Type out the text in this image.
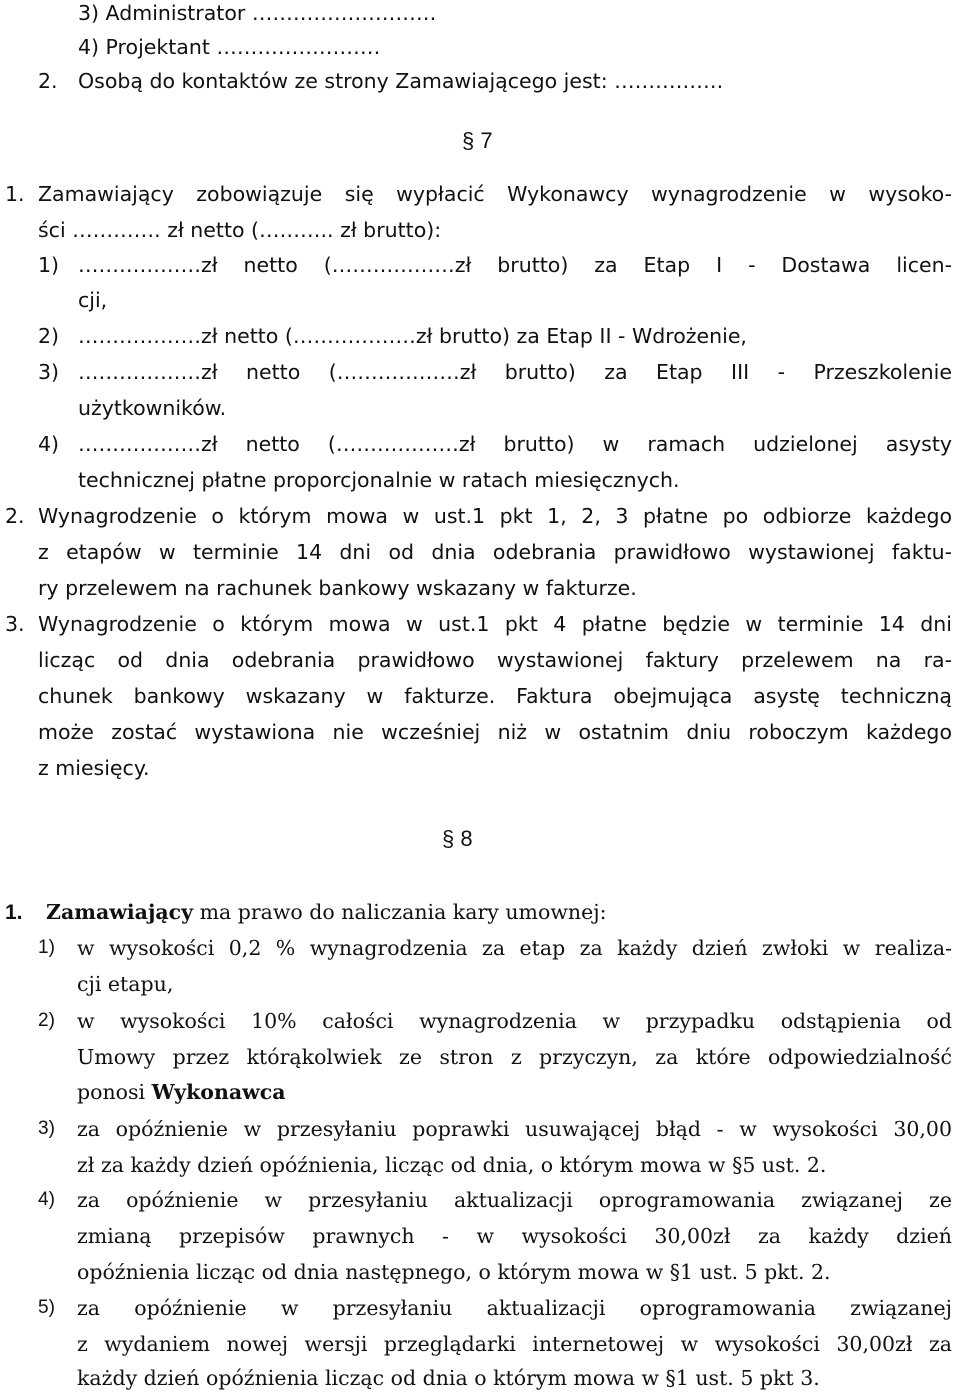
3) Administrator ………………………
4) Projektant ……………………
2. Osobą do kontaktów ze strony Zamawiającego jest: …………….
§ 7
1. Zamawiający zobowiązuje się wypłacić Wykonawcy wynagrodzenie w wysoko-
ści …………. zł netto (……….. zł brutto):
1) ………………zł netto (………………zł brutto) za Etap I - Dostawa licen-
cji,
2) ………………zł netto (………………zł brutto) za Etap II - Wdrożenie,
3) ………………zł netto (………………zł brutto) za Etap III - Przeszkolenie
użytkowników.
4) ………………zł netto (………………zł brutto) w ramach udzielonej asysty
technicznej płatne proporcjonalnie w ratach miesięcznych.
2. Wynagrodzenie o którym mowa w ust.1 pkt 1, 2, 3 płatne po odbiorze każdego
z etapów w terminie 14 dni od dnia odebrania prawidłowo wystawionej faktu-
ry przelewem na rachunek bankowy wskazany w fakturze.
3. Wynagrodzenie o którym mowa w ust.1 pkt 4 płatne będzie w terminie 14 dni
licząc od dnia odebrania prawidłowo wystawionej faktury przelewem na ra-
chunek bankowy wskazany w fakturze. Faktura obejmująca asystę techniczną
może zostać wystawiona nie wcześniej niż w ostatnim dniu roboczym każdego
z miesięcy.
§ 8
1. Zamawiający ma prawo do naliczania kary umownej:
1) w wysokości 0,2 % wynagrodzenia za etap za każdy dzień zwłoki w realiza-
cji etapu,
2) w wysokości 10% całości wynagrodzenia w przypadku odstąpienia od
Umowy przez którąkolwiek ze stron z przyczyn, za które odpowiedzialność
ponosi Wykonawca
3) za opóźnienie w przesyłaniu poprawki usuwającej błąd - w wysokości 30,00
zł za każdy dzień opóźnienia, licząc od dnia, o którym mowa w §5 ust. 2.
4) za opóźnienie w przesyłaniu aktualizacji oprogramowania związanej ze
zmianą przepisów prawnych - w wysokości 30,00zł za każdy dzień
opóźnienia licząc od dnia następnego, o którym mowa w §1 ust. 5 pkt. 2.
5) za opóźnienie w przesyłaniu aktualizacji oprogramowania związanej
z wydaniem nowej wersji przeglądarki internetowej w wysokości 30,00zł za
każdy dzień opóźnienia licząc od dnia o którym mowa w §1 ust. 5 pkt 3.
